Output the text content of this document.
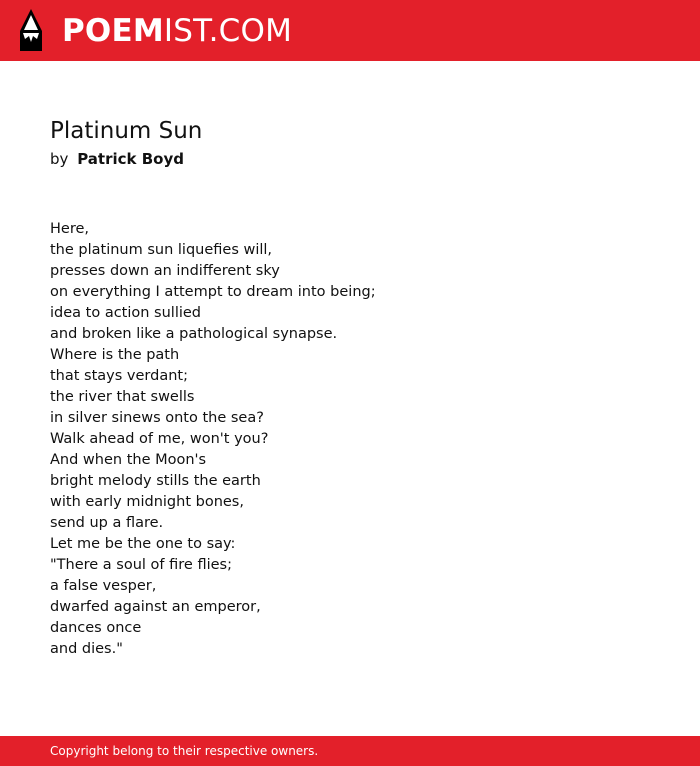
POEMIST.COM
Platinum Sun
by Patrick Boyd
Here,
the platinum sun liquefies will,
presses down an indifferent sky
on everything I attempt to dream into being;
idea to action sullied
and broken like a pathological synapse.
Where is the path
that stays verdant;
the river that swells
in silver sinews onto the sea?
Walk ahead of me, won't you?
And when the Moon's
bright melody stills the earth
with early midnight bones,
send up a flare.
Let me be the one to say:
"There a soul of fire flies;
a false vesper,
dwarfed against an emperor,
dances once
and dies."
Copyright belong to their respective owners.
